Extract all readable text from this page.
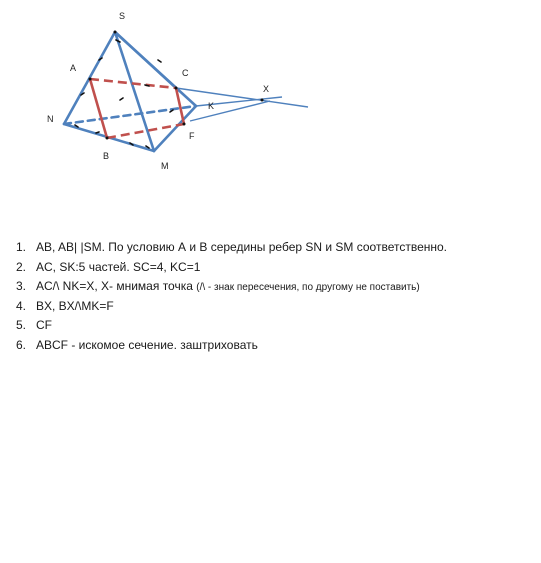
S
A	C
X
N
K
B
M
F
1. AB, AB| |SM. По условию А и В середины ребер SN и SM соответственно.
2. AC, SK:5 частей. SC=4, KC=1
3. AC/\ NK=X, X- мнимая точка (/\ - знак пересечения, по другому не поставить)
4. BX, BX/\MK=F
5. CF
6. ABCF - искомое сечение. заштриховать
